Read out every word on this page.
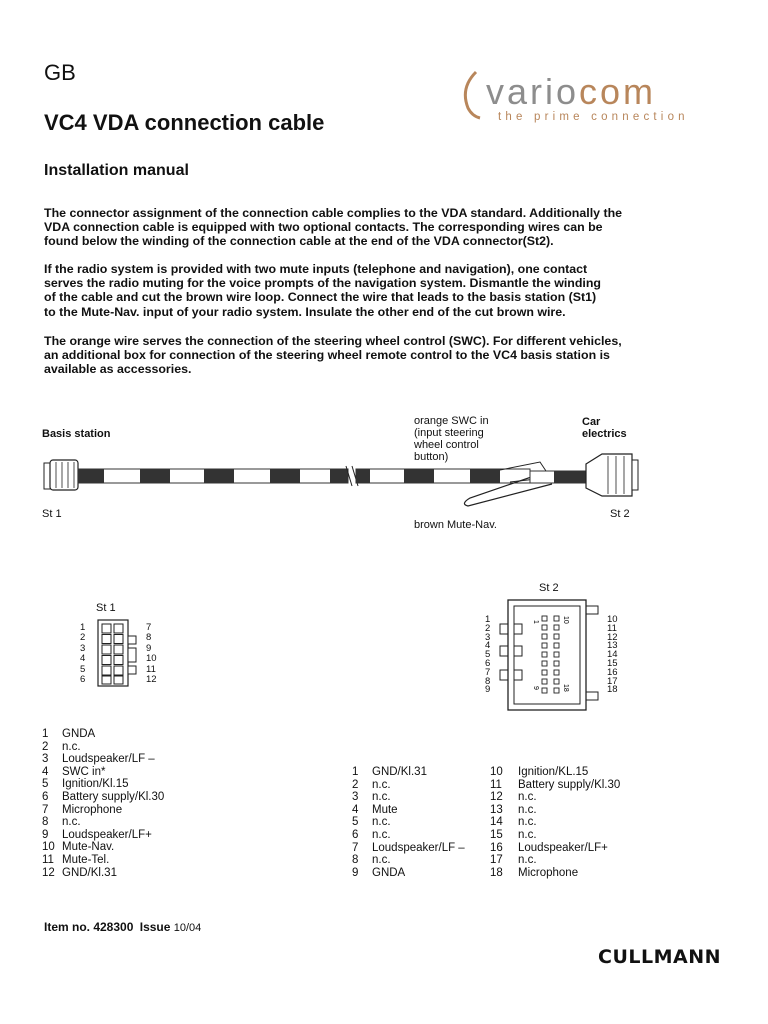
GB
VC4 VDA connection cable
Installation manual
variocom
the prime connection

The connector assignment of the connection cable complies to the VDA standard. Additionally the
VDA connection cable is equipped with two optional contacts. The corresponding wires can be
found below the winding of the connection cable at the end of the VDA connector(St2).

If the radio system is provided with two mute inputs (telephone and navigation), one contact
serves the radio muting for the voice prompts of the navigation system. Dismantle the winding
of the cable and cut the brown wire loop. Connect the wire that leads to the basis station (St1)
to the Mute-Nav. input of your radio system. Insulate the other end of the cut brown wire.

The orange wire serves the connection of the steering wheel control (SWC). For different vehicles,
an additional box for connection of the steering wheel remote control to the VC4 basis station is
available as accessories.

Basis station
Car
electrics
orange SWC in
(input steering
wheel control
button)
brown Mute-Nav.
St 1	St 2
St 1
1
2
3
4
5
6
7
8
9
10
11
12
St 2
1
2
3
4
5
6
7
8
9
1	10
9	18
10
11
12
13
14
15
16
17
18
1	GNDA
2	n.c.
3	Loudspeaker/LF –
4	SWC in*
5	Ignition/Kl.15
6	Battery supply/Kl.30
7	Microphone
8	n.c.
9	Loudspeaker/LF+
10 Mute-Nav.
11 Mute-Tel.
12 GND/Kl.31
1	GND/Kl.31
2	n.c.
3	n.c.
4	Mute
5	n.c.
6	n.c.
7	Loudspeaker/LF –
8	n.c.
9	GNDA
10	Ignition/KL.15
11	Battery supply/Kl.30
12	n.c.
13	n.c.
14	n.c.
15	n.c.
16	Loudspeaker/LF+
17	n.c.
18	Microphone
Item no. 428300 Issue 10/04
CULLMANN
